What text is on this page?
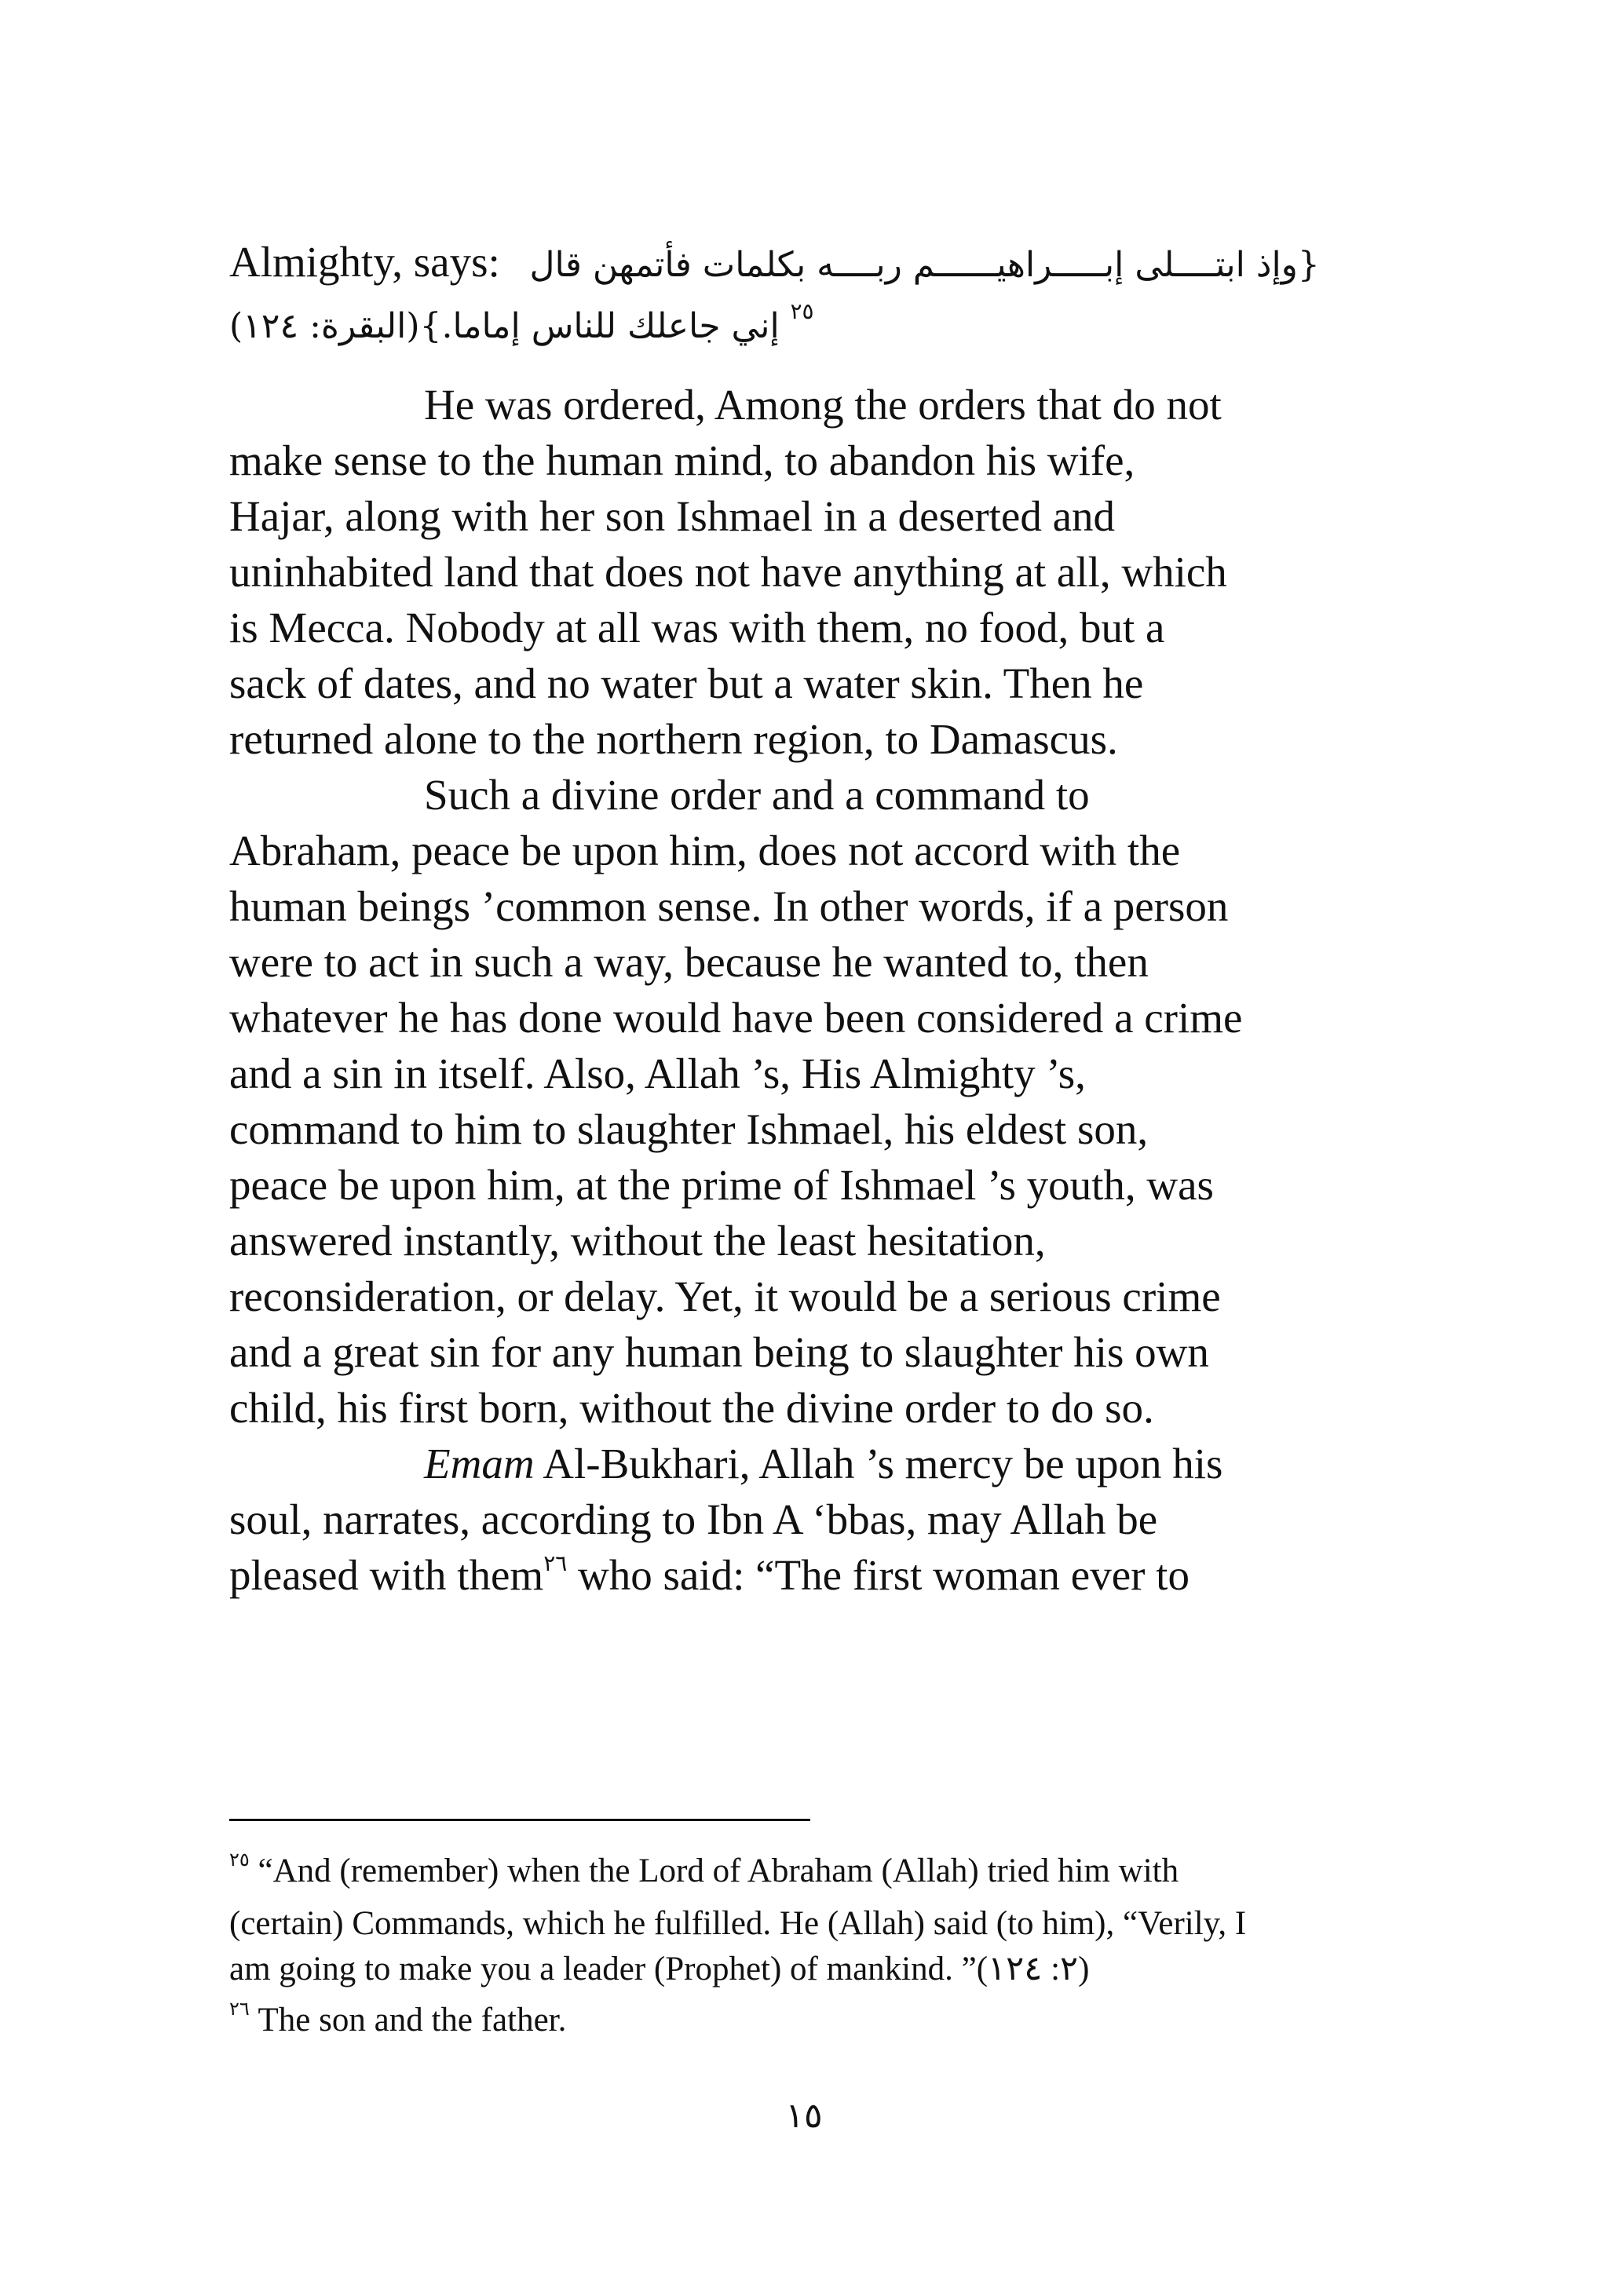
Almighty, says: {وإذ ابتــــلى إبـــــراهيــــــم ربــــه بكلمات فأتمهن قال
إني جاعلك للناس إماما.}(البقرة: ١٢٤) $^{٢٥}$
He was ordered, Among the orders that do not
make sense to the human mind, to abandon his wife,
Hajar, along with her son Ishmael in a deserted and
uninhabited land that does not have anything at all, which
is Mecca. Nobody at all was with them, no food, but a
sack of dates, and no water but a water skin. Then he
returned alone to the northern region, to Damascus.
Such a divine order and a command to
Abraham, peace be upon him, does not accord with the
human beings ’common sense. In other words, if a person
were to act in such a way, because he wanted to, then
whatever he has done would have been considered a crime
and a sin in itself. Also, Allah ’s, His Almighty ’s,
command to him to slaughter Ishmael, his eldest son,
peace be upon him, at the prime of Ishmael ’s youth, was
answered instantly, without the least hesitation,
reconsideration, or delay. Yet, it would be a serious crime
and a great sin for any human being to slaughter his own
child, his first born, without the divine order to do so.
Emam Al-Bukhari, Allah ’s mercy be upon his
soul, narrates, according to Ibn A ‘bbas, may Allah be
pleased with them$^{٢٦}$ who said: “The first woman ever to
$^{٢٥}$ “And (remember) when the Lord of Abraham (Allah) tried him with
(certain) Commands, which he fulfilled. He (Allah) said (to him), “Verily, I
am going to make you a leader (Prophet) of mankind. ”(٢: ١٢٤)
$^{٢٦}$ The son and the father.
١٥
